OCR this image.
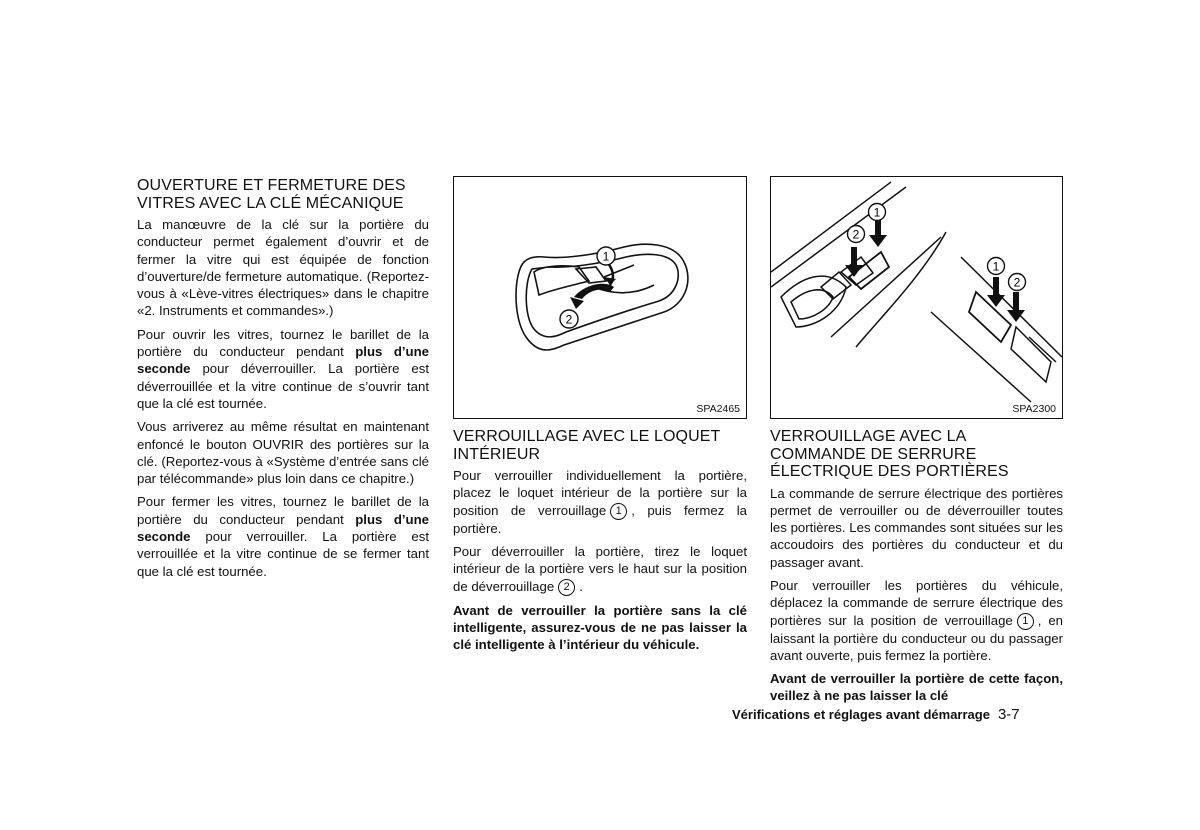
OUVERTURE ET FERMETURE DES VITRES AVEC LA CLÉ MÉCANIQUE

La manœuvre de la clé sur la portière du conducteur permet également d’ouvrir et de fermer la vitre qui est équipée de fonction d’ouverture/de fermeture automatique. (Reportez-vous à «Lève-vitres électriques» dans le chapitre «2. Instruments et commandes».)

Pour ouvrir les vitres, tournez le barillet de la portière du conducteur pendant plus d’une seconde pour déverrouiller. La portière est déverrouillée et la vitre continue de s’ouvrir tant que la clé est tournée.

Vous arriverez au même résultat en maintenant enfoncé le bouton OUVRIR des portières sur la clé. (Reportez-vous à «Système d’entrée sans clé par télécommande» plus loin dans ce chapitre.)

Pour fermer les vitres, tournez le barillet de la portière du conducteur pendant plus d’une seconde pour verrouiller. La portière est verrouillée et la vitre continue de se fermer tant que la clé est tournée.

1
2
SPA2465
1
2
1
2
SPA2300
VERROUILLAGE AVEC LE LOQUET INTÉRIEUR

Pour verrouiller individuellement la portière, placez le loquet intérieur de la portière sur la position de verrouillage 1 , puis fermez la portière.

Pour déverrouiller la portière, tirez le loquet intérieur de la portière vers le haut sur la position de déverrouillage 2 .

Avant de verrouiller la portière sans la clé intelligente, assurez-vous de ne pas laisser la clé intelligente à l’intérieur du véhicule.

VERROUILLAGE AVEC LA COMMANDE DE SERRURE ÉLECTRIQUE DES PORTIÈRES

La commande de serrure électrique des portières permet de verrouiller ou de déverrouiller toutes les portières. Les commandes sont situées sur les accoudoirs des portières du conducteur et du passager avant.

Pour verrouiller les portières du véhicule, déplacez la commande de serrure électrique des portières sur la position de verrouillage 1 , en laissant la portière du conducteur ou du passager avant ouverte, puis fermez la portière.

Avant de verrouiller la portière de cette façon, veillez à ne pas laisser la clé

Vérifications et réglages avant démarrage 3-7
